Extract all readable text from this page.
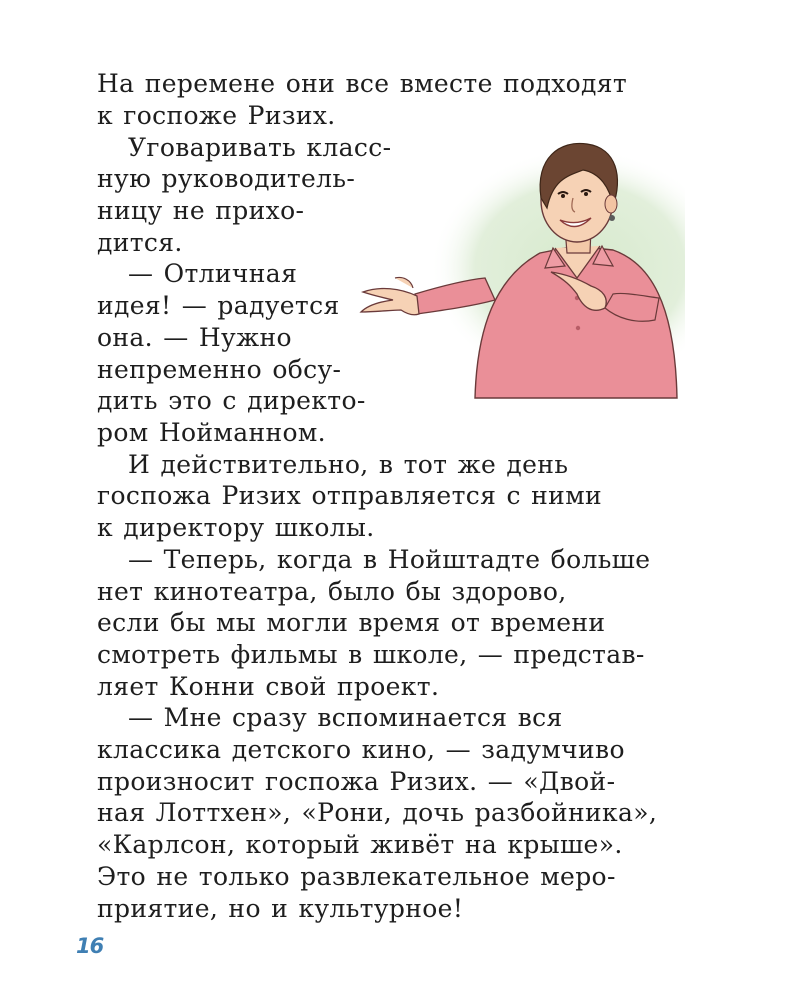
На перемене они все вместе подходят
к госпоже Ризих.
Уговаривать класс-
ную руководитель-
ницу не прихо-
дится.
— Отличная
идея! — радуется
она. — Нужно
непременно обсу-
дить это с директо-
ром Нойманном.
И действительно, в тот же день
госпожа Ризих отправляется с ними
к директору школы.
— Теперь, когда в Нойштадте больше
нет кинотеатра, было бы здорово,
если бы мы могли время от времени
смотреть фильмы в школе, — представ-
ляет Конни свой проект.
— Мне сразу вспоминается вся
классика детского кино, — задумчиво
произносит госпожа Ризих. — «Двой-
ная Лоттхен», «Рони, дочь разбойника»,
«Карлсон, который живёт на крыше».
Это не только развлекательное меро-
приятие, но и культурное!
16
